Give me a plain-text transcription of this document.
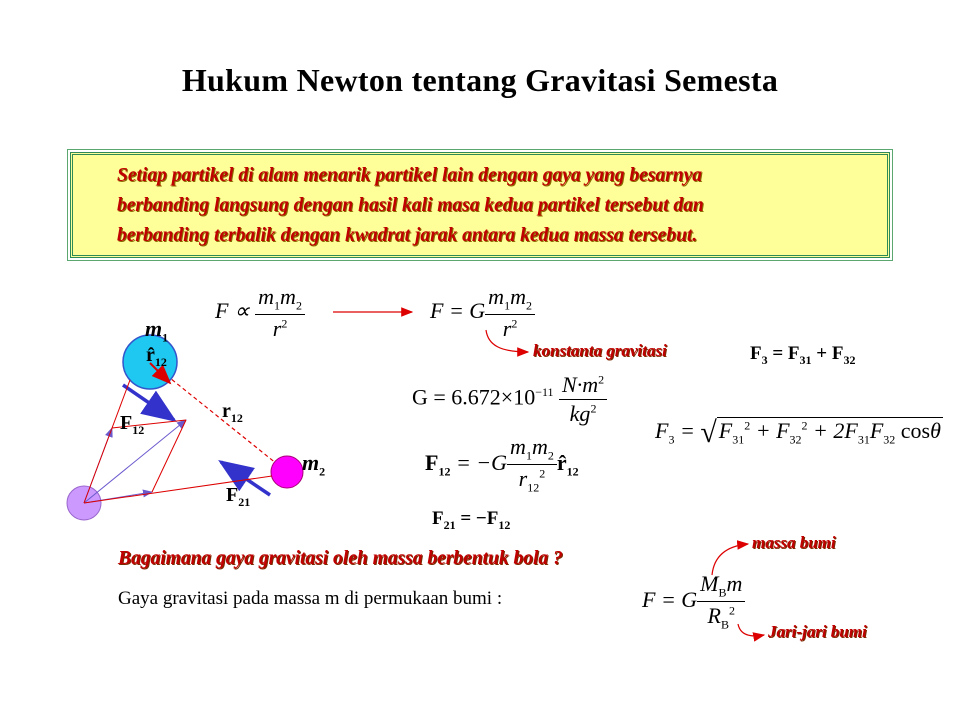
Hukum Newton tentang Gravitasi Semesta
Setiap partikel di alam menarik partikel lain dengan gaya yang besarnya
berbanding langsung dengan hasil kali masa kedua partikel tersebut dan
berbanding terbalik dengan kwadrat jarak antara kedua massa tersebut.
$m_1$
$r̂_{12}$
$r_{12}$
$F_{12}$
$m_2$
$F_{21}$
$F \propto \frac{m_1m_2}{r^2}$	F = G $\frac{m_1m_2}{r^2}$
konstanta gravitasi	$F_3 = F_{31} + F_{32}$
$G = 6.672\times 10^{-11} \frac{N\cdot m^2}{kg^2}$
$F_3 = √F_{31}^2 + F_{32}^2 + 2F_{31}F_{32}$ cosθ
$F_{12} = -G \frac{m_1m_2}{r_{12}^2}$ $r̂_{12}$
$F_{21} = -F_{12}$
Bagaimana gaya gravitasi oleh massa berbentuk bola ?
Gaya gravitasi pada massa m di permukaan bumi :	F = G $\frac{M_Bm}{R_B^2}$
massa bumi
Jari-jari bumi
